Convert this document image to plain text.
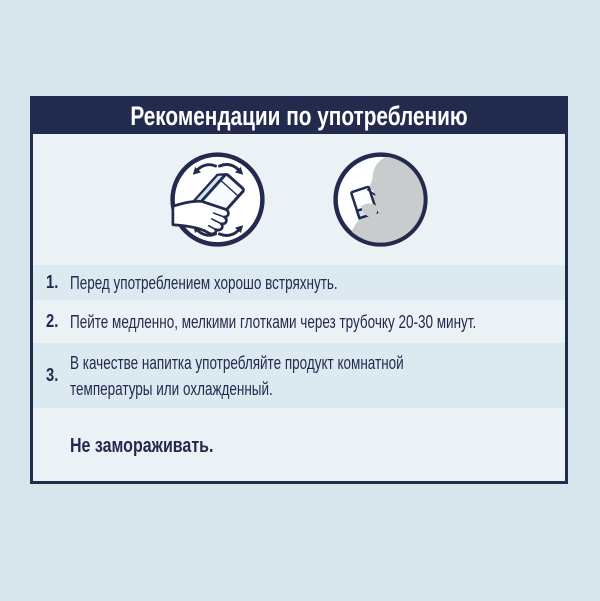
Рекомендации по употреблению
1. Перед употреблением хорошо встряхнуть.
2. Пейте медленно, мелкими глотками через трубочку 20-30 минут.
3.
В качестве напитка употребляйте продукт комнатной температуры или охлажденный.
Не замораживать.
